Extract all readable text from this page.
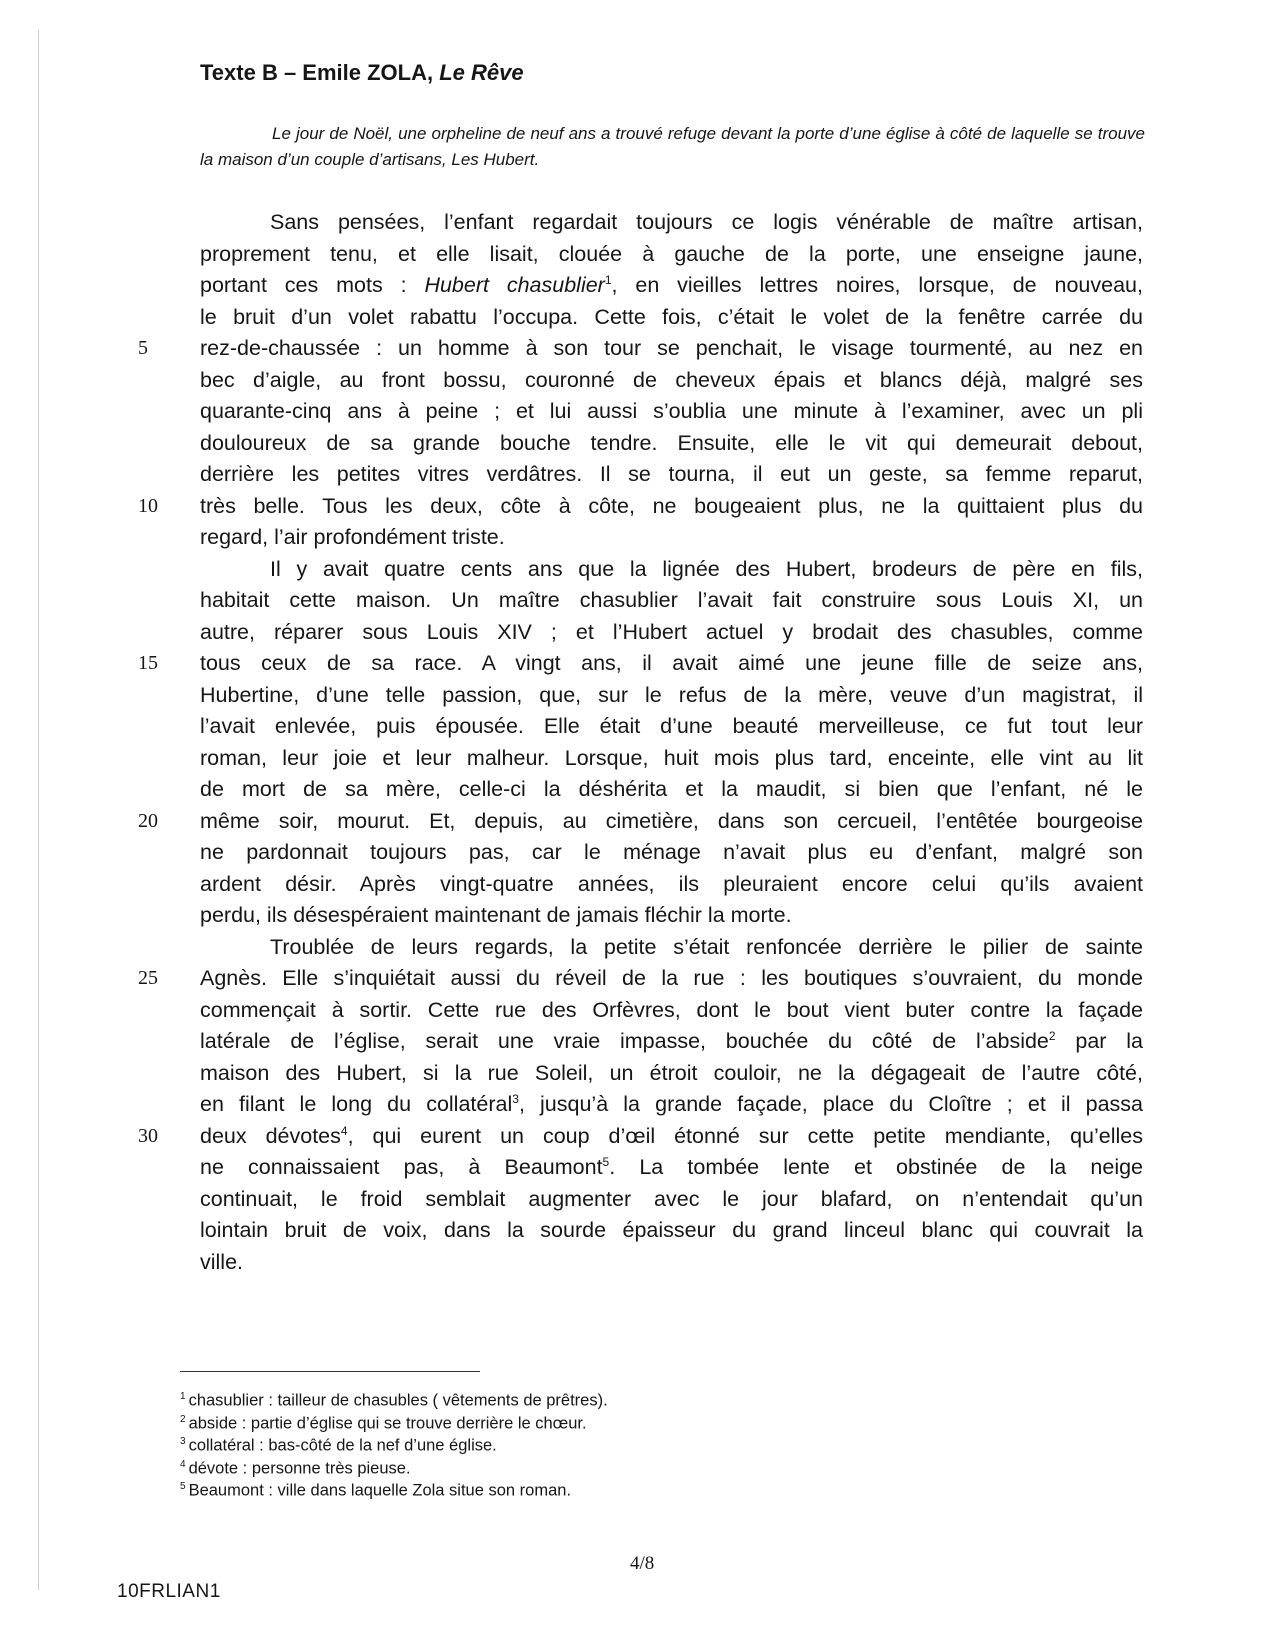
Texte B – Emile ZOLA, Le Rêve
Le jour de Noël, une orpheline de neuf ans a trouvé refuge devant la porte d’une église à côté de laquelle se trouve la maison d’un couple d’artisans, Les Hubert.
Sans pensées, l’enfant regardait toujours ce logis vénérable de maître artisan,
proprement tenu, et elle lisait, clouée à gauche de la porte, une enseigne jaune,
portant ces mots : Hubert chasublier$^1$, en vieilles lettres noires, lorsque, de nouveau,
le bruit d’un volet rabattu l’occupa. Cette fois, c’était le volet de la fenêtre carrée du
5	rez-de-chaussée : un homme à son tour se penchait, le visage tourmenté, au nez en
bec d’aigle, au front bossu, couronné de cheveux épais et blancs déjà, malgré ses
quarante-cinq ans à peine ; et lui aussi s’oublia une minute à l’examiner, avec un pli
douloureux de sa grande bouche tendre. Ensuite, elle le vit qui demeurait debout,
derrière les petites vitres verdâtres. Il se tourna, il eut un geste, sa femme reparut,
10	très belle. Tous les deux, côte à côte, ne bougeaient plus, ne la quittaient plus du
regard, l’air profondément triste.
Il y avait quatre cents ans que la lignée des Hubert, brodeurs de père en fils,
habitait cette maison. Un maître chasublier l’avait fait construire sous Louis XI, un
autre, réparer sous Louis XIV ; et l’Hubert actuel y brodait des chasubles, comme
15	tous ceux de sa race. A vingt ans, il avait aimé une jeune fille de seize ans,
Hubertine, d’une telle passion, que, sur le refus de la mère, veuve d’un magistrat, il
l’avait enlevée, puis épousée. Elle était d’une beauté merveilleuse, ce fut tout leur
roman, leur joie et leur malheur. Lorsque, huit mois plus tard, enceinte, elle vint au lit
de mort de sa mère, celle-ci la déshérita et la maudit, si bien que l’enfant, né le
20	même soir, mourut. Et, depuis, au cimetière, dans son cercueil, l’entêtée bourgeoise
ne pardonnait toujours pas, car le ménage n’avait plus eu d’enfant, malgré son
ardent désir. Après vingt-quatre années, ils pleuraient encore celui qu’ils avaient
perdu, ils désespéraient maintenant de jamais fléchir la morte.
Troublée de leurs regards, la petite s’était renfoncée derrière le pilier de sainte
25	Agnès. Elle s’inquiétait aussi du réveil de la rue : les boutiques s’ouvraient, du monde
commençait à sortir. Cette rue des Orfèvres, dont le bout vient buter contre la façade
latérale de l’église, serait une vraie impasse, bouchée du côté de l’abside$^2$ par la
maison des Hubert, si la rue Soleil, un étroit couloir, ne la dégageait de l’autre côté,
en filant le long du collatéral$^3$, jusqu’à la grande façade, place du Cloître ; et il passa
30	deux dévotes$^4$, qui eurent un coup d’œil étonné sur cette petite mendiante, qu’elles
ne connaissaient pas, à Beaumont$^5$. La tombée lente et obstinée de la neige
continuait, le froid semblait augmenter avec le jour blafard, on n’entendait qu’un
lointain bruit de voix, dans la sourde épaisseur du grand linceul blanc qui couvrait la
ville.
$^1$ chasublier : tailleur de chasubles ( vêtements de prêtres).
$^2$ abside : partie d’église qui se trouve derrière le chœur.
$^3$ collatéral : bas-côté de la nef d’une église.
$^4$ dévote : personne très pieuse.
$^5$ Beaumont : ville dans laquelle Zola situe son roman.
4/8
10FRLIAN1
